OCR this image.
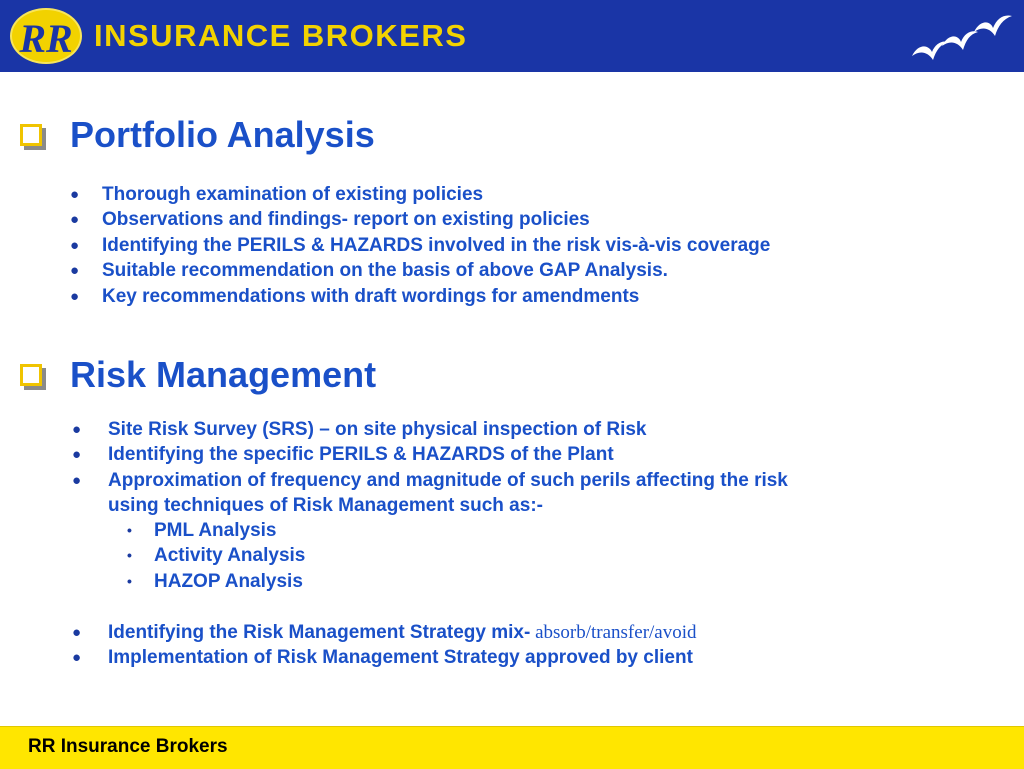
RR INSURANCE BROKERS
Portfolio Analysis
● Thorough examination of existing policies
● Observations and findings- report on existing policies
● Identifying the PERILS & HAZARDS involved in the risk vis-à-vis coverage
● Suitable recommendation on the basis of above GAP Analysis.
● Key recommendations with draft wordings for amendments
Risk Management
● Site Risk Survey (SRS) – on site physical inspection of Risk
● Identifying the specific PERILS & HAZARDS of the Plant
● Approximation of frequency and magnitude of such perils affecting the risk
using techniques of Risk Management such as:-
• PML Analysis
• Activity Analysis
• HAZOP Analysis
● Identifying the Risk Management Strategy mix- absorb/transfer/avoid
● Implementation of Risk Management Strategy approved by client
RR Insurance Brokers
